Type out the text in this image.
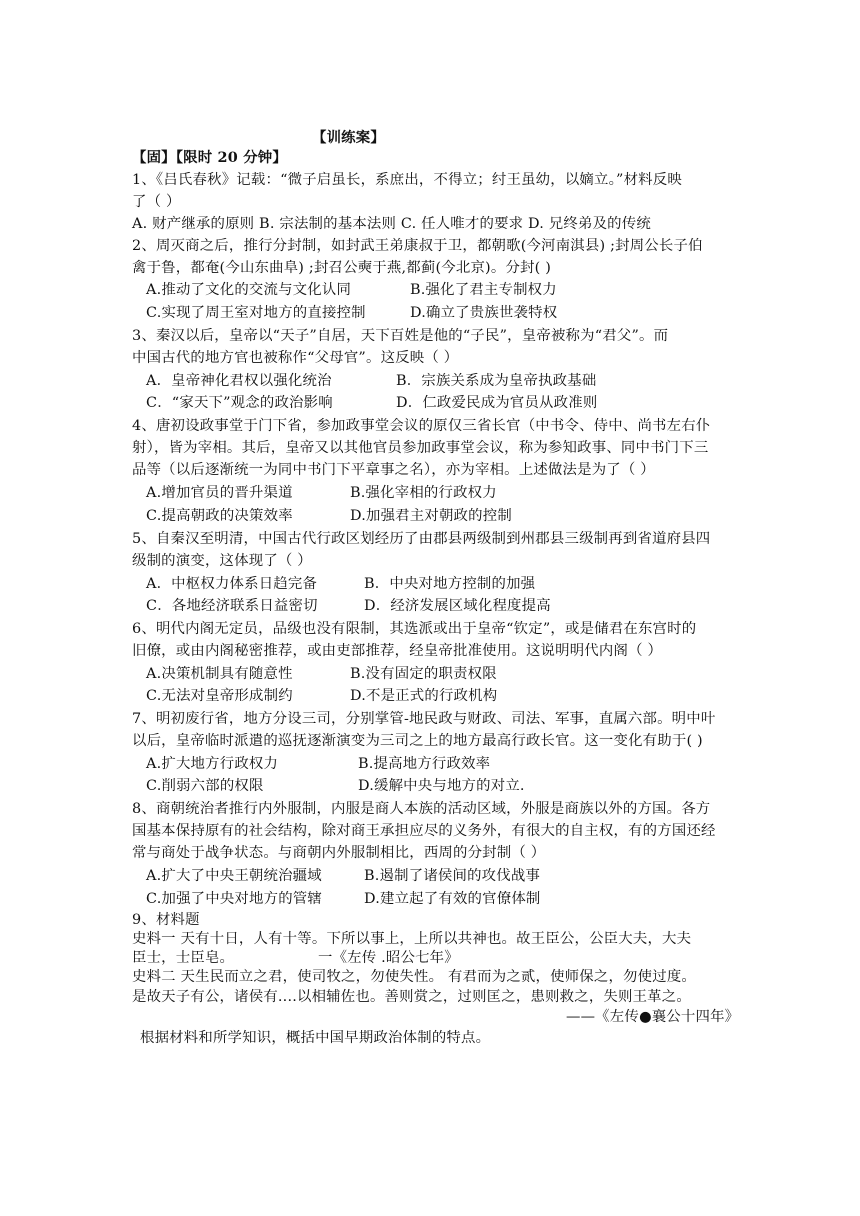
【训练案】
【固】【限时 20 分钟】
1、《吕氏春秋》记载：“微子启虽长，系庶出，不得立；纣王虽幼，以嫡立。”材料反映
了（ ）
A. 财产继承的原则 B. 宗法制的基本法则 C. 任人唯才的要求 D. 兄终弟及的传统
2、周灭商之后，推行分封制，如封武王弟康叔于卫，都朝歌(今河南淇县) ;封周公长子伯
禽于鲁，都奄(今山东曲阜) ;封召公奭于燕,都蓟(今北京)。分封( )
A.推动了文化的交流与文化认同	B.强化了君主专制权力
C.实现了周王室对地方的直接控制	D.确立了贵族世袭特权
3、秦汉以后，皇帝以“天子”自居，天下百姓是他的“子民”，皇帝被称为“君父”。而
中国古代的地方官也被称作“父母官”。这反映（ ）
A．皇帝神化君权以强化统治	B．宗族关系成为皇帝执政基础
C．“家天下”观念的政治影响	D．仁政爱民成为官员从政准则
4、唐初设政事堂于门下省，参加政事堂会议的原仅三省长官（中书令、侍中、尚书左右仆
射），皆为宰相。其后，皇帝又以其他官员参加政事堂会议，称为参知政事、同中书门下三
品等（以后逐渐统一为同中书门下平章事之名），亦为宰相。上述做法是为了（ ）
A.增加官员的晋升渠道	B.强化宰相的行政权力
C.提高朝政的决策效率	D.加强君主对朝政的控制
5、自秦汉至明清，中国古代行政区划经历了由郡县两级制到州郡县三级制再到省道府县四
级制的演变，这体现了（ ）
A．中枢权力体系日趋完备	B．中央对地方控制的加强
C．各地经济联系日益密切	D．经济发展区域化程度提高
6、明代内阁无定员，品级也没有限制，其选派或出于皇帝“钦定”，或是储君在东宫时的
旧僚，或由内阁秘密推荐，或由吏部推荐，经皇帝批准使用。这说明明代内阁（ ）
A.决策机制具有随意性	B.没有固定的职责权限
C.无法对皇帝形成制约	D.不是正式的行政机构
7、明初废行省，地方分设三司，分别掌管-地民政与财政、司法、军事，直属六部。明中叶
以后，皇帝临时派遣的巡抚逐渐演变为三司之上的地方最高行政长官。这一变化有助于( )
A.扩大地方行政权力	B.提高地方行政效率
C.削弱六部的权限	D.缓解中央与地方的对立.
8、商朝统治者推行内外服制，内服是商人本族的活动区域，外服是商族以外的方国。各方
国基本保持原有的社会结构，除对商王承担应尽的义务外，有很大的自主权，有的方国还经
常与商处于战争状态。与商朝内外服制相比，西周的分封制（ ）
A.扩大了中央王朝统治疆域	B.遏制了诸侯间的攻伐战事
C.加强了中央对地方的管辖	D.建立起了有效的官僚体制
9、材料题
史料一 天有十日，人有十等。下所以事上，上所以共神也。故王臣公，公臣大夫，大夫
臣士，士臣皂。	一《左传 .昭公七年》
史料二 天生民而立之君，使司牧之，勿使失性。 有君而为之贰，使师保之，勿使过度。
是故天子有公，诸侯有....以相辅佐也。善则赏之，过则匡之，患则救之，失则王革之。
——《左传●襄公十四年》
根据材料和所学知识，概括中国早期政治体制的特点。
